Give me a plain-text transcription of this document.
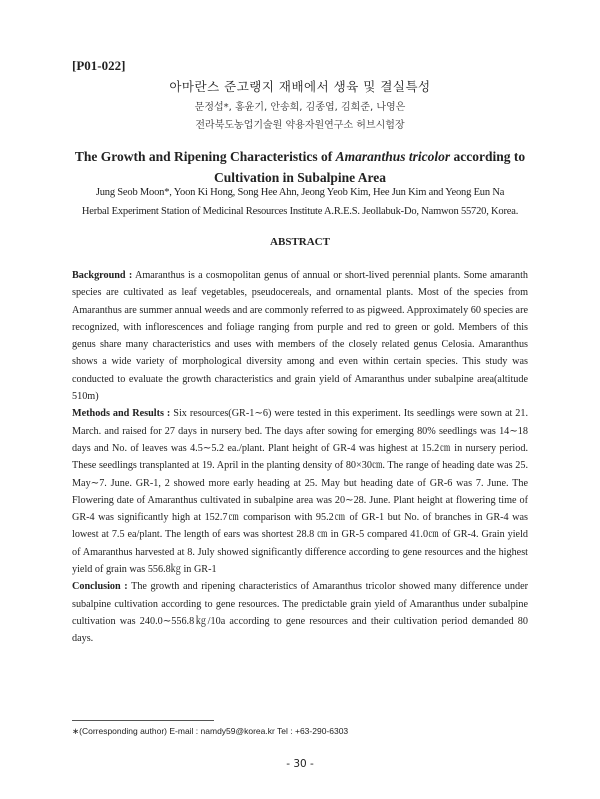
[P01-022]
아마란스 준고랭지 재배에서 생육 및 결실특성
문정섭*, 홍윤기, 안송희, 김종엽, 김희준, 나영은
전라북도농업기술원 약용자원연구소 허브시험장
The Growth and Ripening Characteristics of Amaranthus tricolor according to
Cultivation in Subalpine Area
Jung Seob Moon*, Yoon Ki Hong, Song Hee Ahn, Jeong Yeob Kim, Hee Jun Kim and Yeong Eun Na
Herbal Experiment Station of Medicinal Resources Institute A.R.E.S. Jeollabuk-Do, Namwon 55720, Korea.
ABSTRACT

Background : Amaranthus is a cosmopolitan genus of annual or short-lived perennial plants. Some amaranth species are cultivated as leaf vegetables, pseudocereals, and ornamental plants. Most of the species from Amaranthus are summer annual weeds and are commonly referred to as pigweed. Approximately 60 species are recognized, with inflorescences and foliage ranging from purple and red to green or gold. Members of this genus share many characteristics and uses with members of the closely related genus Celosia. Amaranthus shows a wide variety of morphological diversity among and even within certain species. This study was conducted to evaluate the growth characteristics and grain yield of Amaranthus under subalpine area(altitude 510m)

Methods and Results : Six resources(GR-1∼6) were tested in this experiment. Its seedlings were sown at 21. March. and raised for 27 days in nursery bed. The days after sowing for emerging 80% seedlings was 14∼18 days and No. of leaves was 4.5∼5.2 ea./plant. Plant height of GR-4 was highest at 15.2㎝ in nursery period. These seedlings transplanted at 19. April in the planting density of 80×30㎝. The range of heading date was 25. May∼7. June. GR-1, 2 showed more early heading at 25. May but heading date of GR-6 was 7. June. The Flowering date of Amaranthus cultivated in subalpine area was 20∼28. June. Plant height at flowering time of GR-4 was significantly high at 152.7㎝ comparison with 95.2㎝ of GR-1 but No. of branches in GR-4 was lowest at 7.5 ea/plant. The length of ears was shortest 28.8 ㎝ in GR-5 compared 41.0㎝ of GR-4. Grain yield of Amaranthus harvested at 8. July showed significantly difference according to gene resources and the highest yield of grain was 556.8㎏ in GR-1

Conclusion : The growth and ripening characteristics of Amaranthus tricolor showed many difference under subalpine cultivation according to gene resources. The predictable grain yield of Amaranthus under subalpine cultivation was 240.0∼556.8㎏/10a according to gene resources and their cultivation period demanded 80 days.

∗(Corresponding author) E-mail : namdy59@korea.kr Tel : +63-290-6303
- 30 -
